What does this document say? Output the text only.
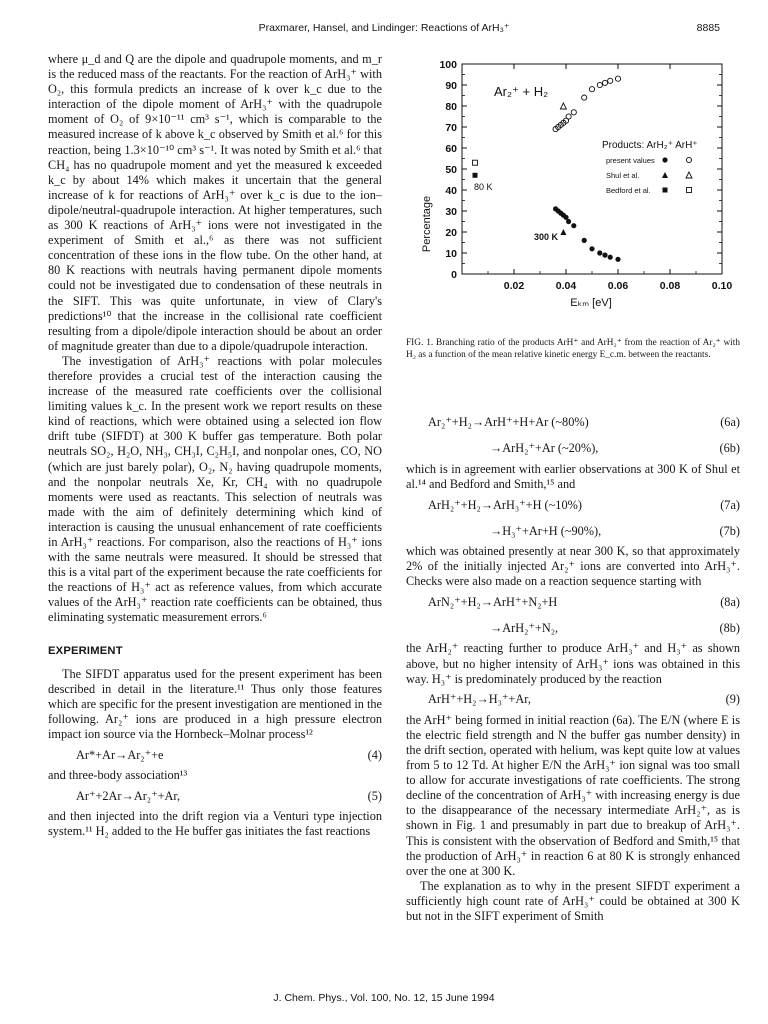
Praxmarer, Hansel, and Lindinger: Reactions of ArH₃⁺	8885

where μ_d and Q are the dipole and quadrupole moments, and m_r is the reduced mass of the reactants. For the reaction of ArH₃⁺ with O₂, this formula predicts an increase of k over k_c due to the interaction of the dipole moment of ArH₃⁺ with the quadrupole moment of O₂ of 9×10⁻¹¹ cm³ s⁻¹, which is comparable to the measured increase of k above k_c observed by Smith et al.⁶ for this reaction, being 1.3×10⁻¹⁰ cm³ s⁻¹. It was noted by Smith et al.⁶ that CH₄ has no quadrupole moment and yet the measured k exceeded k_c by about 14% which makes it uncertain that the general increase of k for reactions of ArH₃⁺ over k_c is due to the ion–dipole/neutral-quadrupole interaction. At higher temperatures, such as 300 K reactions of ArH₃⁺ ions were not investigated in the experiment of Smith et al.,⁶ as there was not sufficient concentration of these ions in the flow tube. On the other hand, at 80 K reactions with neutrals having permanent dipole moments could not be investigated due to condensation of these neutrals in the SIFT. This was quite unfortunate, in view of Clary's predictions¹⁰ that the increase in the collisional rate coefficient resulting from a dipole/dipole interaction should be about an order of magnitude greater than due to a dipole/quadrupole interaction.

The investigation of ArH₃⁺ reactions with polar molecules therefore provides a crucial test of the interaction causing the increase of the measured rate coefficients over the collisional limiting values k_c. In the present work we report results on these kind of reactions, which were obtained using a selected ion flow drift tube (SIFDT) at 300 K buffer gas temperature. Both polar neutrals SO₂, H₂O, NH₃, CH₃I, C₂H₅I, and nonpolar ones, CO, NO (which are just barely polar), O₂, N₂ having quadrupole moments, and the nonpolar neutrals Xe, Kr, CH₄ with no quadrupole moments were used as reactants. This selection of neutrals was made with the aim of definitely determining which kind of interaction is causing the unusual enhancement of rate coefficients in ArH₃⁺ reactions. For comparison, also the reactions of H₃⁺ ions with the same neutrals were measured. It should be stressed that this is a vital part of the experiment because the rate coefficients for the reactions of H₃⁺ act as reference values, from which accurate values of the ArH₃⁺ reaction rate coefficients can be obtained, thus eliminating systematic measurement errors.⁶

EXPERIMENT

The SIFDT apparatus used for the present experiment has been described in detail in the literature.¹¹ Thus only those features which are specific for the present investigation are mentioned in the following. Ar₂⁺ ions are produced in a high pressure electron impact ion source via the Hornbeck–Molnar process¹²

Ar*+Ar→Ar₂⁺+e	(4)

and three-body association¹³

Ar⁺+2Ar→Ar₂⁺+Ar,	(5)

and then injected into the drift region via a Venturi type injection system.¹¹ H₂ added to the He buffer gas initiates the fast reactions

0
10
20
30
40
50
60
70
80
90
100
0.02	0.04	0.06	0.08	0.10
Percentage
Eₖₘ [eV]
Ar₂⁺ + H₂
80 K
300 K
Products: ArH₂⁺ ArH⁺
present values
Shul et al.
Bedford et al.
FIG. 1. Branching ratio of the products ArH⁺ and ArH₂⁺ from the reaction of Ar₂⁺ with H₂ as a function of the mean relative kinetic energy E_c.m. between the reactants.
Ar₂⁺+H₂→ArH⁺+H+Ar (~80%)	(6a)
→ArH₂⁺+Ar (~20%),	(6b)

which is in agreement with earlier observations at 300 K of Shul et al.¹⁴ and Bedford and Smith,¹⁵ and

ArH₂⁺+H₂→ArH₃⁺+H (~10%)	(7a)
→H₃⁺+Ar+H (~90%),	(7b)

which was obtained presently at near 300 K, so that approximately 2% of the initially injected Ar₂⁺ ions are converted into ArH₃⁺. Checks were also made on a reaction sequence starting with

ArN₂⁺+H₂→ArH⁺+N₂+H	(8a)
→ArH₂⁺+N₂,	(8b)

the ArH₂⁺ reacting further to produce ArH₃⁺ and H₃⁺ as shown above, but no higher intensity of ArH₃⁺ ions was obtained in this way. H₃⁺ is predominately produced by the reaction

ArH⁺+H₂→H₃⁺+Ar,	(9)

the ArH⁺ being formed in initial reaction (6a). The E/N (where E is the electric field strength and N the buffer gas number density) in the drift section, operated with helium, was kept quite low at values from 5 to 12 Td. At higher E/N the ArH₃⁺ ion signal was too small to allow for accurate investigations of rate coefficients. The strong decline of the concentration of ArH₃⁺ with increasing energy is due to the disappearance of the necessary intermediate ArH₂⁺, as is shown in Fig. 1 and presumably in part due to breakup of ArH₃⁺. This is consistent with the observation of Bedford and Smith,¹⁵ that the production of ArH₃⁺ in reaction 6 at 80 K is strongly enhanced over the one at 300 K.

The explanation as to why in the present SIFDT experiment a sufficiently high count rate of ArH₃⁺ could be obtained at 300 K but not in the SIFT experiment of Smith

J. Chem. Phys., Vol. 100, No. 12, 15 June 1994
